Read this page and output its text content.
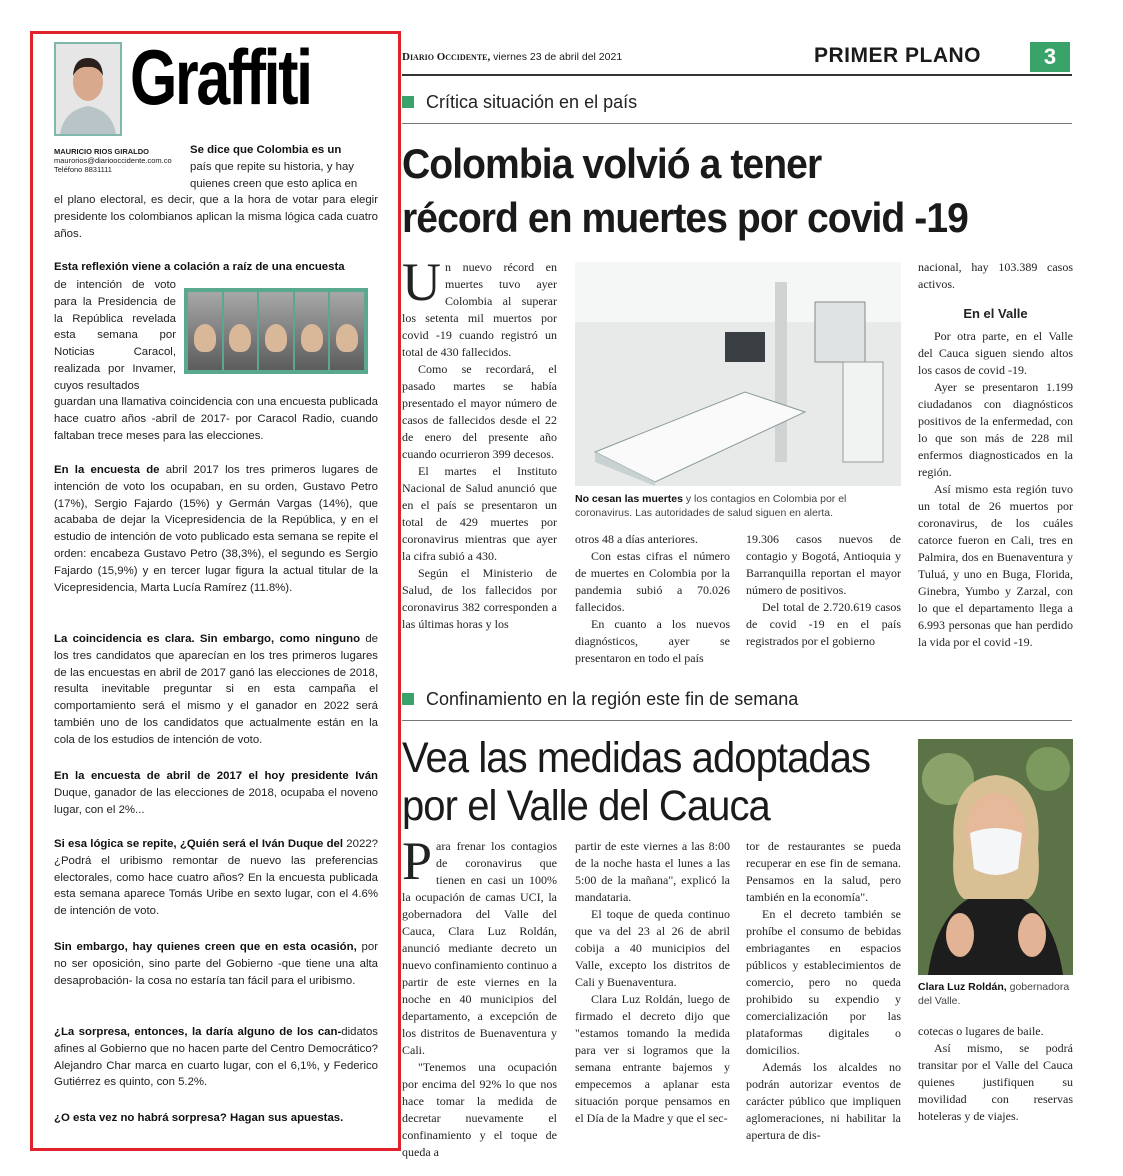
Graffiti
MAURICIO RIOS GIRALDO
maurorios@diariooccidente.com.co
Teléfono 8831111
Se dice que Colombia es un
país que repite su historia, y hay
quienes creen que esto aplica en
el plano electoral, es decir, que a la hora de votar para elegir presidente los colombianos aplican la misma lógica cada cuatro años.
Esta reflexión viene a colación a raíz de una encuesta
de intención de voto para la Presidencia de la República revelada esta semana por Noticias Caracol, realizada por Invamer, cuyos resultados
guardan una llamativa coincidencia con una encuesta publicada hace cuatro años -abril de 2017- por Caracol Radio, cuando faltaban trece meses para las elecciones.
En la encuesta de abril 2017 los tres primeros lugares de intención de voto los ocupaban, en su orden, Gustavo Petro (17%), Sergio Fajardo (15%) y Germán Vargas (14%), que acababa de dejar la Vicepresidencia de la República, y en el estudio de intención de voto publicado esta semana se repite el orden: encabeza Gustavo Petro (38,3%), el segundo es Sergio Fajardo (15,9%) y en tercer lugar figura la actual titular de la Vicepresidencia, Marta Lucía Ramírez (11.8%).
La coincidencia es clara. Sin embargo, como ninguno de los tres candidatos que aparecían en los tres primeros lugares de las encuestas en abril de 2017 ganó las elecciones de 2018, resulta inevitable preguntar si en esta campaña el comportamiento será el mismo y el ganador en 2022 será también uno de los candidatos que actualmente están en la cola de los estudios de intención de voto.
En la encuesta de abril de 2017 el hoy presidente Iván Duque, ganador de las elecciones de 2018, ocupaba el noveno lugar, con el 2%...
Si esa lógica se repite, ¿Quién será el Iván Duque del 2022? ¿Podrá el uribismo remontar de nuevo las preferencias electorales, como hace cuatro años? En la encuesta publicada esta semana aparece Tomás Uribe en sexto lugar, con el 4.6% de intención de voto.
Sin embargo, hay quienes creen que en esta ocasión, por no ser oposición, sino parte del Gobierno -que tiene una alta desaprobación- la cosa no estaría tan fácil para el uribismo.
¿La sorpresa, entonces, la daría alguno de los can-didatos afines al Gobierno que no hacen parte del Centro Democrático? Alejandro Char marca en cuarto lugar, con el 6,1%, y Federico Gutiérrez es quinto, con 5.2%.
¿O esta vez no habrá sorpresa? Hagan sus apuestas.
Diario Occidente, viernes 23 de abril del 2021	PRIMER PLANO	3
Crítica situación en el país
Colombia volvió a tener
récord en muertes por covid -19
Un nuevo récord en muertes tuvo ayer Colombia al superar los setenta mil muertos por covid -19 cuando registró un total de 430 fallecidos.
Como se recordará, el pasado martes se había presentado el mayor número de casos de fallecidos desde el 22 de enero del presente año cuando ocurrieron 399 decesos.
El martes el Instituto Nacional de Salud anunció que en el país se presentaron un total de 429 muertes por coronavirus mientras que ayer la cifra subió a 430.
Según el Ministerio de Salud, de los fallecidos por coronavirus 382 corresponden a las últimas horas y los
No cesan las muertes y los contagios en Colombia por el coronavirus. Las autoridades de salud siguen en alerta.
otros 48 a días anteriores.
Con estas cifras el número de muertes en Colombia por la pandemia subió a 70.026 fallecidos.
En cuanto a los nuevos diagnósticos, ayer se presentaron en todo el país
19.306 casos nuevos de contagio y Bogotá, Antioquia y Barranquilla reportan el mayor número de positivos.
Del total de 2.720.619 casos de covid -19 en el país registrados por el gobierno
nacional, hay 103.389 casos activos.
En el Valle
Por otra parte, en el Valle del Cauca siguen siendo altos los casos de covid -19.
Ayer se presentaron 1.199 ciudadanos con diagnósticos positivos de la enfermedad, con lo que son más de 228 mil enfermos diagnosticados en la región.
Así mismo esta región tuvo un total de 26 muertos por coronavirus, de los cuáles catorce fueron en Cali, tres en Palmira, dos en Buenaventura y Tuluá, y uno en Buga, Florida, Ginebra, Yumbo y Zarzal, con lo que el departamento llega a 6.993 personas que han perdido la vida por el covid -19.
Confinamiento en la región este fin de semana
Vea las medidas adoptadas
por el Valle del Cauca
Para frenar los contagios de coronavirus que tienen en casi un 100% la ocupación de camas UCI, la gobernadora del Valle del Cauca, Clara Luz Roldán, anunció mediante decreto un nuevo confinamiento continuo a partir de este viernes en la noche en 40 municipios del departamento, a excepción de los distritos de Buenaventura y Cali.
"Tenemos una ocupación por encima del 92% lo que nos hace tomar la medida de decretar nuevamente el confinamiento y el toque de queda a
partir de este viernes a las 8:00 de la noche hasta el lunes a las 5:00 de la mañana", explicó la mandataria.
El toque de queda continuo que va del 23 al 26 de abril cobija a 40 municipios del Valle, excepto los distritos de Cali y Buenaventura.
Clara Luz Roldán, luego de firmado el decreto dijo que "estamos tomando la medida para ver si logramos que la semana entrante bajemos y empecemos a aplanar esta situación porque pensamos en el Día de la Madre y que el sec-
tor de restaurantes se pueda recuperar en ese fin de semana. Pensamos en la salud, pero también en la economía".
En el decreto también se prohíbe el consumo de bebidas embriagantes en espacios públicos y establecimientos de comercio, pero no queda prohibido su expendio y comercialización por las plataformas digitales o domicilios.
Además los alcaldes no podrán autorizar eventos de carácter público que impliquen aglomeraciones, ni habilitar la apertura de dis-
Clara Luz Roldán, gobernadora del Valle.
cotecas o lugares de baile.
Así mismo, se podrá transitar por el Valle del Cauca quienes justifiquen su movilidad con reservas hoteleras y de viajes.
